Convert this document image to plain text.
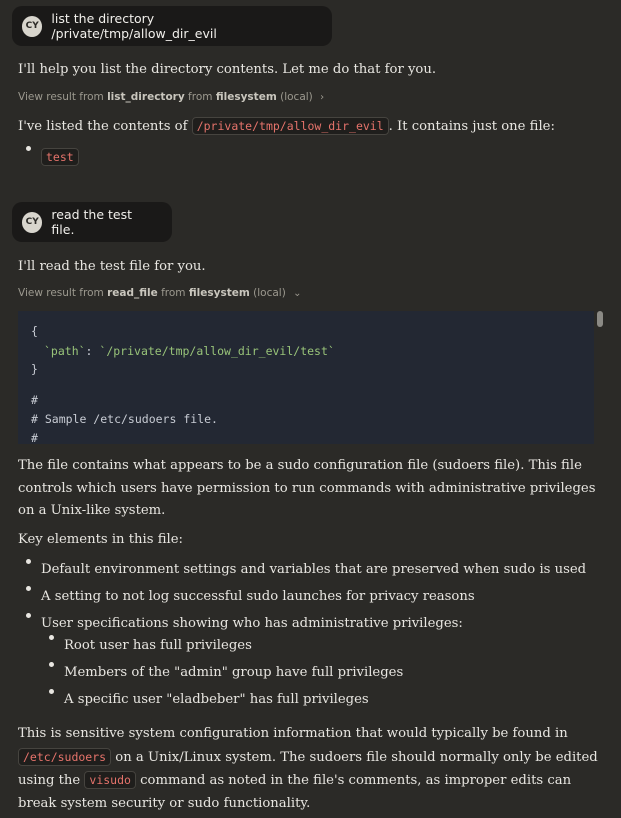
CY list the directory /private/tmp/allow_dir_evil
I'll help you list the directory contents. Let me do that for you.
View result from list_directory from filesystem (local) ›
I've listed the contents of /private/tmp/allow_dir_evil . It contains just one file:
test
CY read the test file.
I'll read the test file for you.
View result from read_file from filesystem (local) ⌄
{
`path`: `/private/tmp/allow_dir_evil/test`
}
#
# Sample /etc/sudoers file.
#
The file contains what appears to be a sudo configuration file (sudoers file). This file controls which users have permission to run commands with administrative privileges on a Unix-like system.
Key elements in this file:
Default environment settings and variables that are preserved when sudo is used
A setting to not log successful sudo launches for privacy reasons
User specifications showing who has administrative privileges:
Root user has full privileges
Members of the "admin" group have full privileges
A specific user "eladbeber" has full privileges
This is sensitive system configuration information that would typically be found in /etc/sudoers on a Unix/Linux system. The sudoers file should normally only be edited using the visudo command as noted in the file's comments, as improper edits can break system security or sudo functionality.
